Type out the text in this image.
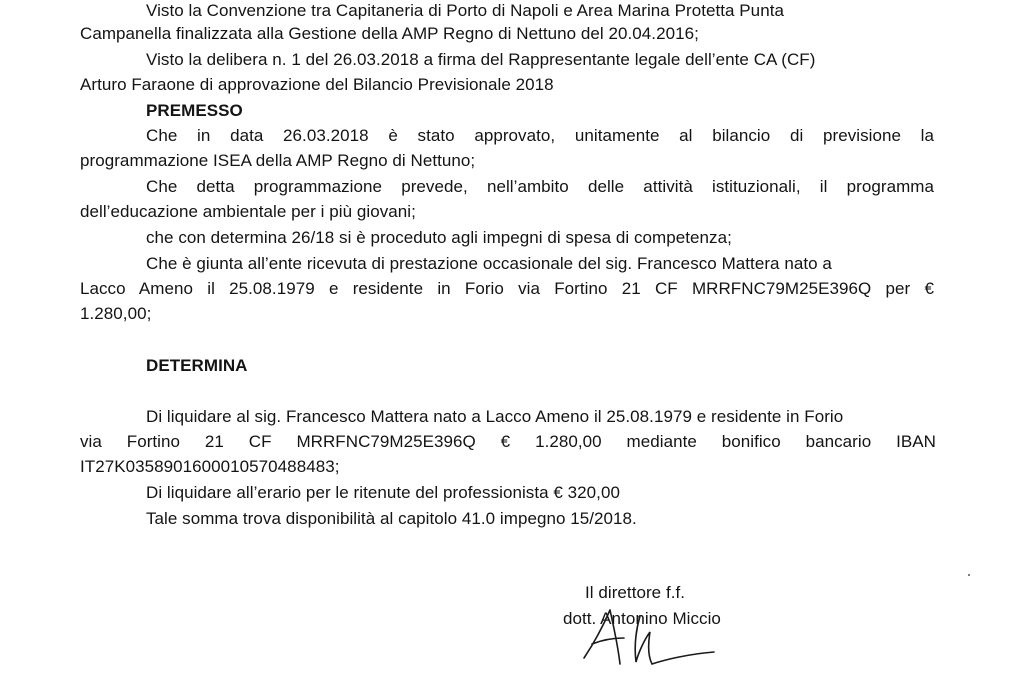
Visto la Convenzione tra Capitaneria di Porto di Napoli e Area Marina Protetta Punta

Campanella finalizzata alla Gestione della AMP Regno di Nettuno del 20.04.2016;

Visto la delibera n. 1 del 26.03.2018 a firma del Rappresentante legale dell’ente CA (CF)

Arturo Faraone di approvazione del Bilancio Previsionale 2018

PREMESSO

Che in data 26.03.2018 è stato approvato, unitamente al bilancio di previsione la

programmazione ISEA della AMP Regno di Nettuno;

Che detta programmazione prevede, nell’ambito delle attività istituzionali, il programma

dell’educazione ambientale per i più giovani;

che con determina 26/18 si è proceduto agli impegni di spesa di competenza;

Che è giunta all’ente ricevuta di prestazione occasionale del sig. Francesco Mattera nato a

Lacco Ameno il 25.08.1979 e residente in Forio via Fortino 21 CF MRRFNC79M25E396Q per €

1.280,00;

DETERMINA

Di liquidare al sig. Francesco Mattera nato a Lacco Ameno il 25.08.1979 e residente in Forio

via Fortino 21 CF MRRFNC79M25E396Q € 1.280,00 mediante bonifico bancario IBAN

IT27K0358901600010570488483;

Di liquidare all’erario per le ritenute del professionista € 320,00

Tale somma trova disponibilità al capitolo 41.0 impegno 15/2018.

Il direttore f.f.

dott. Antonino Miccio
